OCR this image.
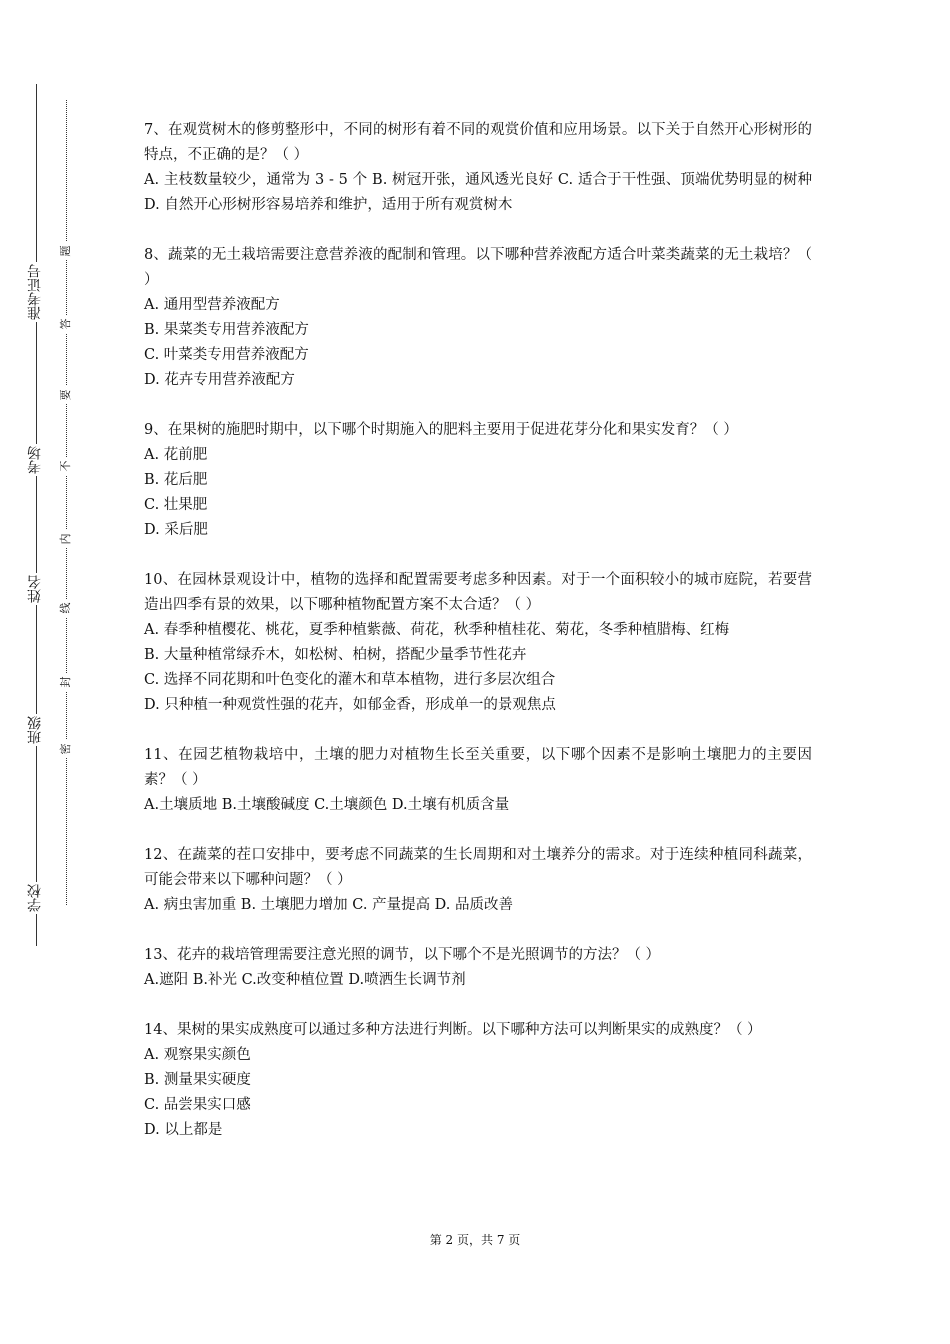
学校
班级
姓名
考场
准考证号
密
封
线
内
不
要
答
题

7、在观赏树木的修剪整形中，不同的树形有着不同的观赏价值和应用场景。以下关于自然开心形树形的特点，不正确的是？（ ）

A. 主枝数量较少，通常为 3 - 5 个 B. 树冠开张，通风透光良好 C. 适合于干性强、顶端优势明显的树种 D. 自然开心形树形容易培养和维护，适用于所有观赏树木

8、蔬菜的无土栽培需要注意营养液的配制和管理。以下哪种营养液配方适合叶菜类蔬菜的无土栽培？（ ）

A. 通用型营养液配方

B. 果菜类专用营养液配方

C. 叶菜类专用营养液配方

D. 花卉专用营养液配方

9、在果树的施肥时期中，以下哪个时期施入的肥料主要用于促进花芽分化和果实发育？（ ）

A. 花前肥

B. 花后肥

C. 壮果肥

D. 采后肥

10、在园林景观设计中，植物的选择和配置需要考虑多种因素。对于一个面积较小的城市庭院，若要营造出四季有景的效果，以下哪种植物配置方案不太合适？（ ）

A. 春季种植樱花、桃花，夏季种植紫薇、荷花，秋季种植桂花、菊花，冬季种植腊梅、红梅

B. 大量种植常绿乔木，如松树、柏树，搭配少量季节性花卉

C. 选择不同花期和叶色变化的灌木和草本植物，进行多层次组合

D. 只种植一种观赏性强的花卉，如郁金香，形成单一的景观焦点

11、在园艺植物栽培中，土壤的肥力对植物生长至关重要，以下哪个因素不是影响土壤肥力的主要因素？（ ）

A.土壤质地 B.土壤酸碱度 C.土壤颜色 D.土壤有机质含量

12、在蔬菜的茬口安排中，要考虑不同蔬菜的生长周期和对土壤养分的需求。对于连续种植同科蔬菜，可能会带来以下哪种问题？（ ）

A. 病虫害加重 B. 土壤肥力增加 C. 产量提高 D. 品质改善

13、花卉的栽培管理需要注意光照的调节，以下哪个不是光照调节的方法？（ ）

A.遮阳 B.补光 C.改变种植位置 D.喷洒生长调节剂

14、果树的果实成熟度可以通过多种方法进行判断。以下哪种方法可以判断果实的成熟度？（ ）

A. 观察果实颜色

B. 测量果实硬度

C. 品尝果实口感

D. 以上都是

第 2 页，共 7 页
